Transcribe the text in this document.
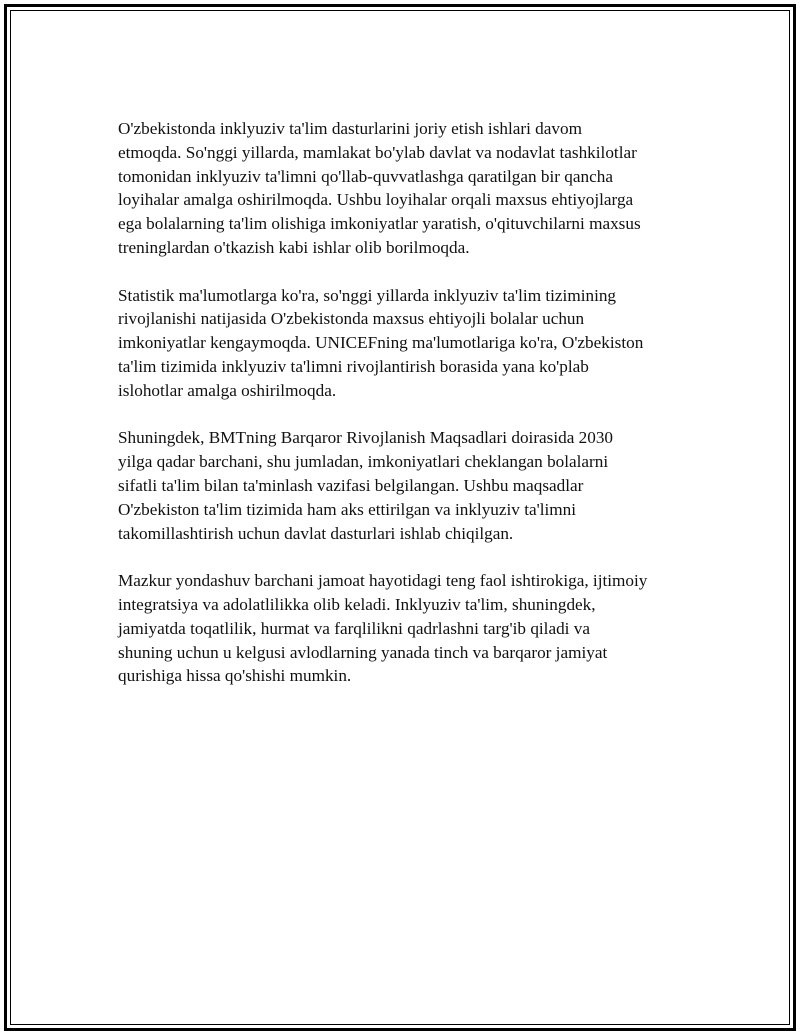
O'zbekistonda inklyuziv ta'lim dasturlarini joriy etish ishlari davom
etmoqda. So'nggi yillarda, mamlakat bo'ylab davlat va nodavlat tashkilotlar
tomonidan inklyuziv ta'limni qo'llab-quvvatlashga qaratilgan bir qancha
loyihalar amalga oshirilmoqda. Ushbu loyihalar orqali maxsus ehtiyojlarga
ega bolalarning ta'lim olishiga imkoniyatlar yaratish, o'qituvchilarni maxsus
treninglardan o'tkazish kabi ishlar olib borilmoqda.

Statistik ma'lumotlarga ko'ra, so'nggi yillarda inklyuziv ta'lim tizimining
rivojlanishi natijasida O'zbekistonda maxsus ehtiyojli bolalar uchun
imkoniyatlar kengaymoqda. UNICEFning ma'lumotlariga ko'ra, O'zbekiston
ta'lim tizimida inklyuziv ta'limni rivojlantirish borasida yana ko'plab
islohotlar amalga oshirilmoqda.

Shuningdek, BMTning Barqaror Rivojlanish Maqsadlari doirasida 2030
yilga qadar barchani, shu jumladan, imkoniyatlari cheklangan bolalarni
sifatli ta'lim bilan ta'minlash vazifasi belgilangan. Ushbu maqsadlar
O'zbekiston ta'lim tizimida ham aks ettirilgan va inklyuziv ta'limni
takomillashtirish uchun davlat dasturlari ishlab chiqilgan.

Mazkur yondashuv barchani jamoat hayotidagi teng faol ishtirokiga, ijtimoiy
integratsiya va adolatlilikka olib keladi. Inklyuziv ta'lim, shuningdek,
jamiyatda toqatlilik, hurmat va farqlilikni qadrlashni targ'ib qiladi va
shuning uchun u kelgusi avlodlarning yanada tinch va barqaror jamiyat
qurishiga hissa qo'shishi mumkin.
